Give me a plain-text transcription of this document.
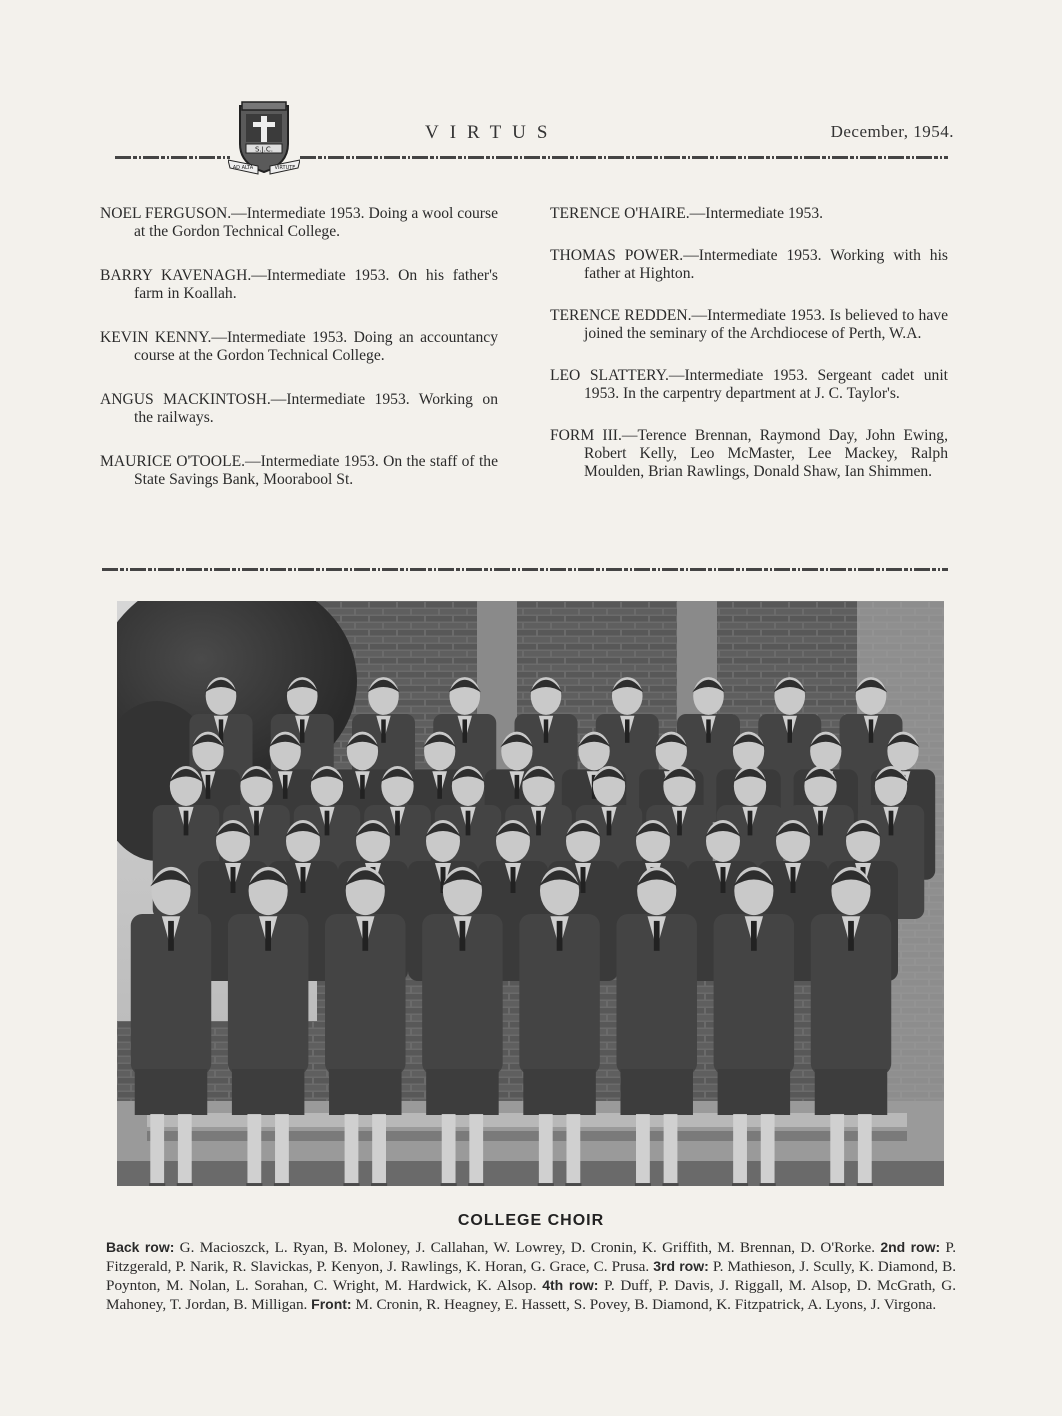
S.J.C.
AD ALTA	VIRTUTE
VIRTUS	December, 1954.

NOEL FERGUSON.—Intermediate 1953. Doing a wool course at the Gordon Technical College.

BARRY KAVENAGH.—Intermediate 1953. On his father's farm in Koallah.

KEVIN KENNY.—Intermediate 1953. Doing an accountancy course at the Gordon Technical College.

ANGUS MACKINTOSH.—Intermediate 1953. Working on the railways.

MAURICE O'TOOLE.—Intermediate 1953. On the staff of the State Savings Bank, Moorabool St.

TERENCE O'HAIRE.—Intermediate 1953.

THOMAS POWER.—Intermediate 1953. Working with his father at Highton.

TERENCE REDDEN.—Intermediate 1953. Is believed to have joined the seminary of the Archdiocese of Perth, W.A.

LEO SLATTERY.—Intermediate 1953. Sergeant cadet unit 1953. In the carpentry department at J. C. Taylor's.

FORM III.—Terence Brennan, Raymond Day, John Ewing, Robert Kelly, Leo McMaster, Lee Mackey, Ralph Moulden, Brian Rawlings, Donald Shaw, Ian Shimmen.

COLLEGE CHOIR
Back row: G. Macioszck, L. Ryan, B. Moloney, J. Callahan, W. Lowrey, D. Cronin, K. Griffith, M. Brennan, D. O'Rorke. 2nd row: P. Fitzgerald, P. Narik, R. Slavickas, P. Kenyon, J. Rawlings, K. Horan, G. Grace, C. Prusa. 3rd row: P. Mathieson, J. Scully, K. Diamond, B. Poynton, M. Nolan, L. Sorahan, C. Wright, M. Hardwick, K. Alsop. 4th row: P. Duff, P. Davis, J. Riggall, M. Alsop, D. McGrath, G. Mahoney, T. Jordan, B. Milligan. Front: M. Cronin, R. Heagney, E. Hassett, S. Povey, B. Diamond, K. Fitzpatrick, A. Lyons, J. Virgona.
